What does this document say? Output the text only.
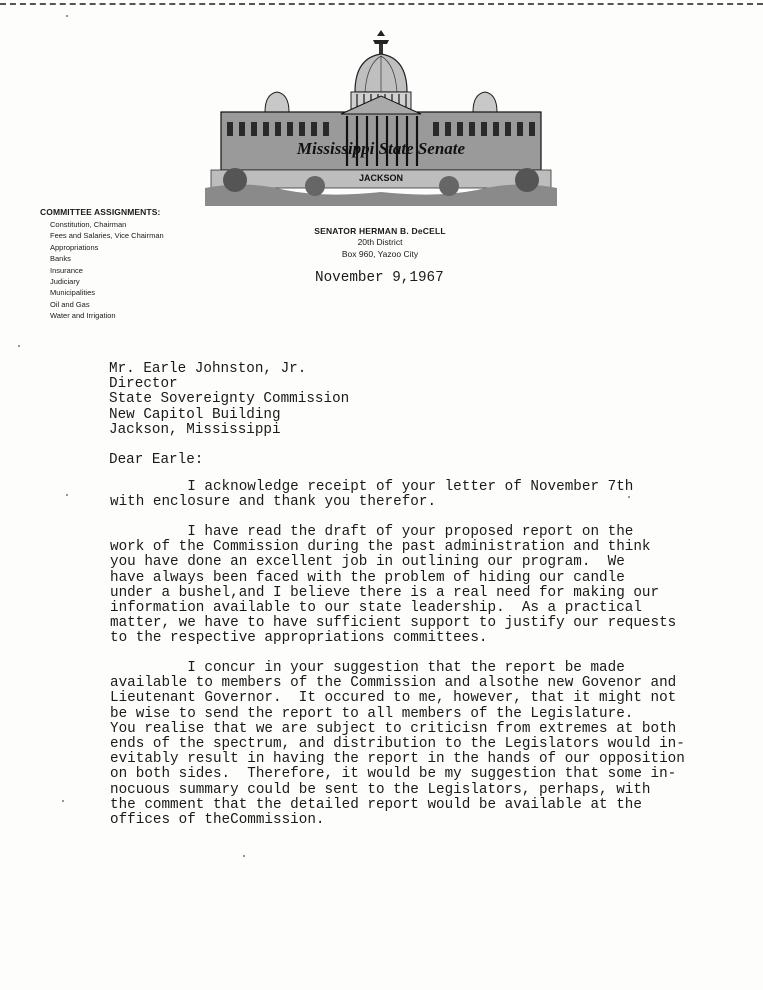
Mississippi State Senate
JACKSON
COMMITTEE ASSIGNMENTS:
Constitution, Chairman
Fees and Salaries, Vice Chairman
Appropriations
Banks
Insurance
Judiciary
Municipalities
Oil and Gas
Water and Irrigation
SENATOR HERMAN B. DeCELL
20th District
Box 960, Yazoo City
November 9,1967
Mr. Earle Johnston, Jr.
Director
State Sovereignty Commission
New Capitol Building
Jackson, Mississippi
Dear Earle:
I acknowledge receipt of your letter of November 7th
with enclosure and thank you therefor.
I have read the draft of your proposed report on the
work of the Commission during the past administration and think
you have done an excellent job in outlining our program.  We
have always been faced with the problem of hiding our candle
under a bushel,and I believe there is a real need for making our
information available to our state leadership.  As a practical
matter, we have to have sufficient support to justify our requests
to the respective appropriations committees.
I concur in your suggestion that the report be made
available to members of the Commission and alsothe new Govenor and
Lieutenant Governor.  It occured to me, however, that it might not
be wise to send the report to all members of the Legislature.
You realise that we are subject to criticisn from extremes at both
ends of the spectrum, and distribution to the Legislators would in-
evitably result in having the report in the hands of our opposition
on both sides.  Therefore, it would be my suggestion that some in-
nocuous summary could be sent to the Legislators, perhaps, with
the comment that the detailed report would be available at the
offices of theCommission.
